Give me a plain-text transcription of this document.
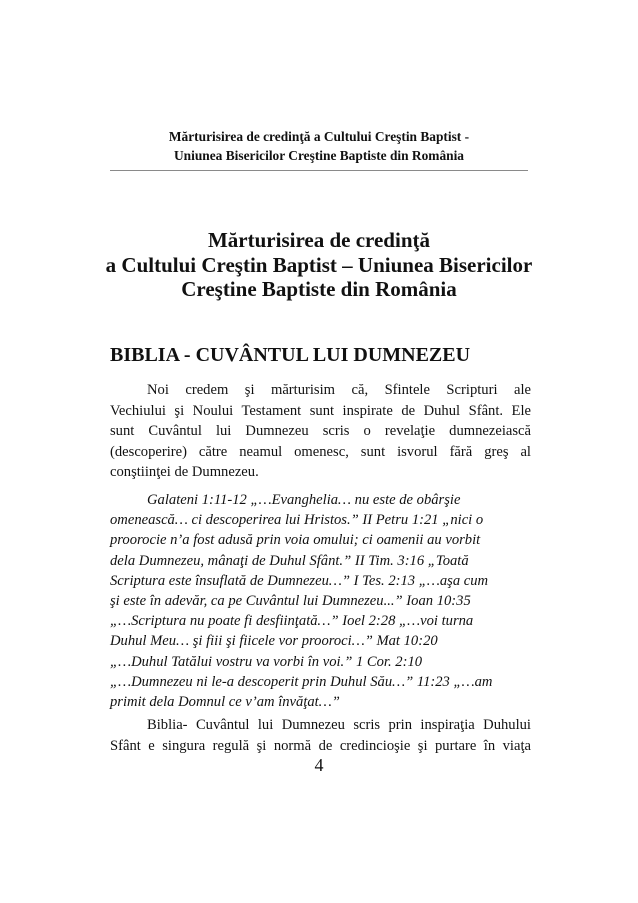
Mărturisirea de credinţă a Cultului Creştin Baptist -
Uniunea Bisericilor Creştine Baptiste din România
Mărturisirea de credinţă
a Cultului Creştin Baptist – Uniunea Bisericilor
Creştine Baptiste din România
BIBLIA - CUVÂNTUL LUI DUMNEZEU
Noi credem şi mărturisim că, Sfintele Scripturi ale
Vechiului şi Noului Testament sunt inspirate de Duhul Sfânt. Ele
sunt Cuvântul lui Dumnezeu scris o revelaţie dumnezeiască
(descoperire) către neamul omenesc, sunt isvorul fără greş al
conştiinţei de Dumnezeu.
Galateni 1:11-12 „…Evanghelia… nu este de obârşie
omenească… ci descoperirea lui Hristos.” II Petru 1:21 „nici o
proorocie n’a fost adusă prin voia omului; ci oamenii au vorbit
dela Dumnezeu, mânaţi de Duhul Sfânt.” II Tim. 3:16 „Toată
Scriptura este însuflată de Dumnezeu…” I Tes. 2:13 „…aşa cum
şi este în adevăr, ca pe Cuvântul lui Dumnezeu...” Ioan 10:35
„…Scriptura nu poate fi desfiinţată…” Ioel 2:28 „…voi turna
Duhul Meu… şi fiii şi fiicele vor prooroci…” Mat 10:20
„…Duhul Tatălui vostru va vorbi în voi.” 1 Cor. 2:10
„…Dumnezeu ni le-a descoperit prin Duhul Său…” 11:23 „…am
primit dela Domnul ce v’am învăţat…”
Biblia- Cuvântul lui Dumnezeu scris prin inspiraţia Duhului
Sfânt e singura regulă şi normă de credincioşie şi purtare în viaţa
4
